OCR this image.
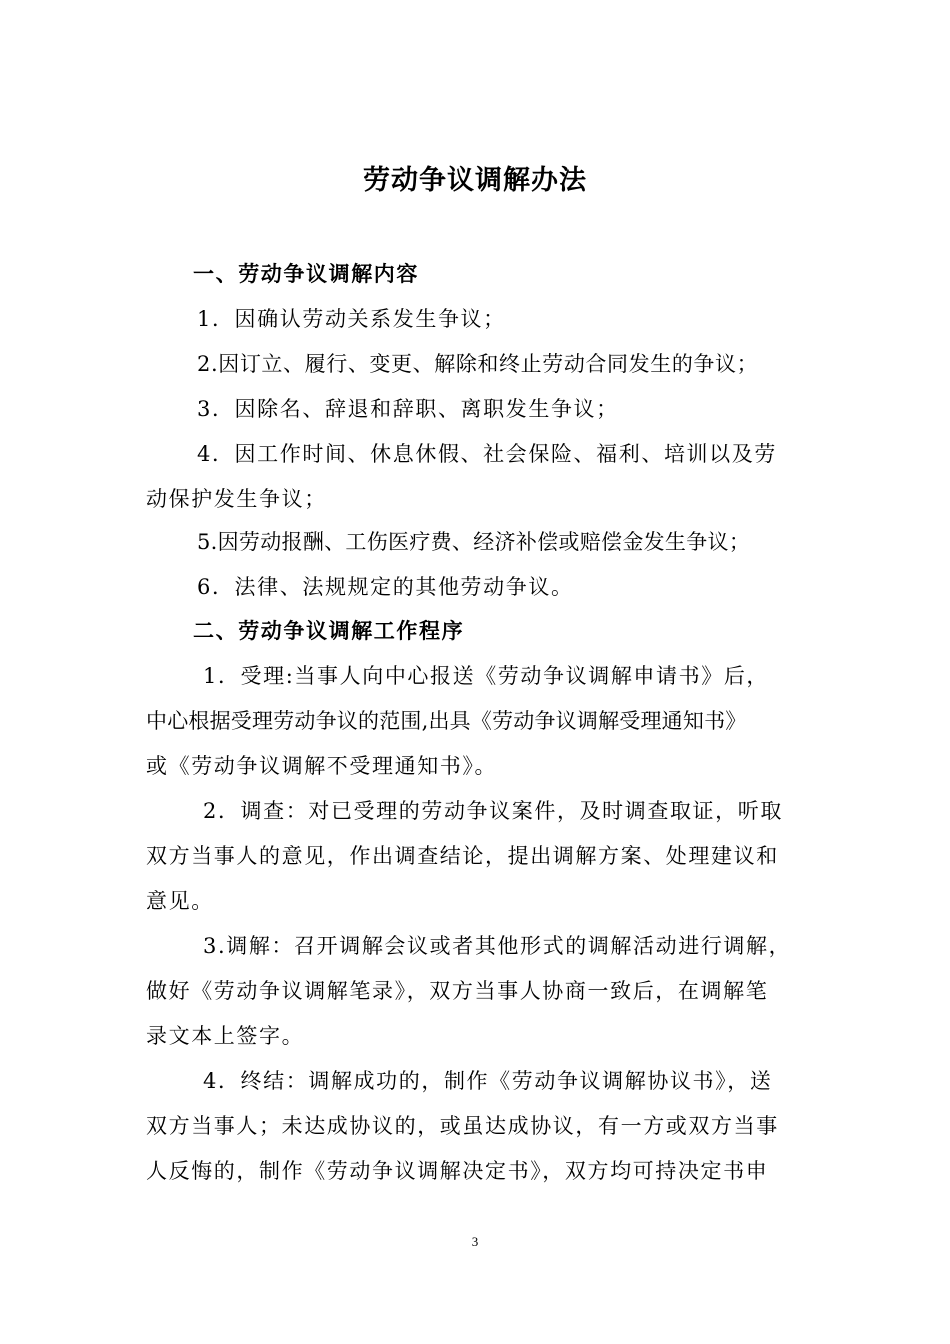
劳动争议调解办法
一、劳动争议调解内容
1．因确认劳动关系发生争议；
2.因订立、履行、变更、解除和终止劳动合同发生的争议；
3．因除名、辞退和辞职、离职发生争议；
4．因工作时间、休息休假、社会保险、福利、培训以及劳
动保护发生争议；
5.因劳动报酬、工伤医疗费、经济补偿或赔偿金发生争议；
6．法律、法规规定的其他劳动争议。
二、劳动争议调解工作程序
1．受理:当事人向中心报送《劳动争议调解申请书》后，
中心根据受理劳动争议的范围,出具《劳动争议调解受理通知书》
或《劳动争议调解不受理通知书》。
2．调查：对已受理的劳动争议案件，及时调查取证，听取
双方当事人的意见，作出调查结论，提出调解方案、处理建议和
意见。
3.调解：召开调解会议或者其他形式的调解活动进行调解，
做好《劳动争议调解笔录》，双方当事人协商一致后，在调解笔
录文本上签字。
4．终结：调解成功的，制作《劳动争议调解协议书》，送
双方当事人；未达成协议的，或虽达成协议，有一方或双方当事
人反悔的，制作《劳动争议调解决定书》，双方均可持决定书申
3
